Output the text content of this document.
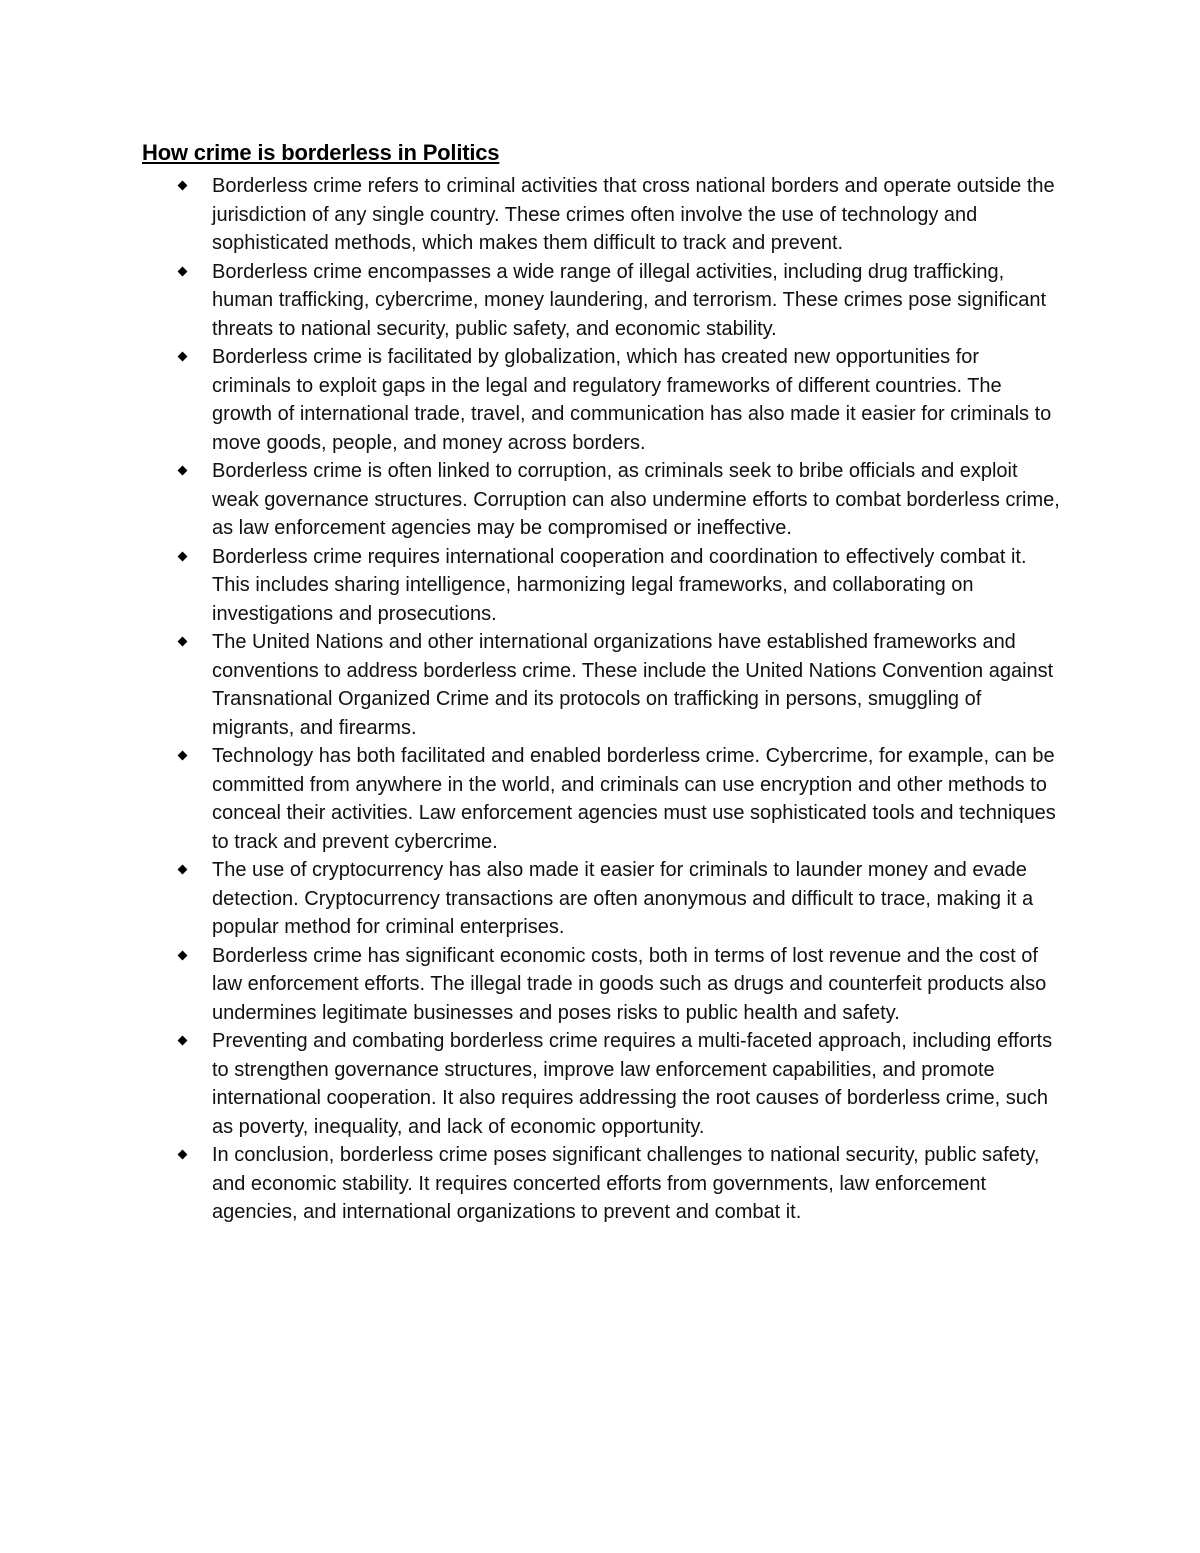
How crime is borderless in Politics
Borderless crime refers to criminal activities that cross national borders and operate outside the jurisdiction of any single country. These crimes often involve the use of technology and sophisticated methods, which makes them difficult to track and prevent.
Borderless crime encompasses a wide range of illegal activities, including drug trafficking, human trafficking, cybercrime, money laundering, and terrorism. These crimes pose significant threats to national security, public safety, and economic stability.
Borderless crime is facilitated by globalization, which has created new opportunities for criminals to exploit gaps in the legal and regulatory frameworks of different countries. The growth of international trade, travel, and communication has also made it easier for criminals to move goods, people, and money across borders.
Borderless crime is often linked to corruption, as criminals seek to bribe officials and exploit weak governance structures. Corruption can also undermine efforts to combat borderless crime, as law enforcement agencies may be compromised or ineffective.
Borderless crime requires international cooperation and coordination to effectively combat it. This includes sharing intelligence, harmonizing legal frameworks, and collaborating on investigations and prosecutions.
The United Nations and other international organizations have established frameworks and conventions to address borderless crime. These include the United Nations Convention against Transnational Organized Crime and its protocols on trafficking in persons, smuggling of migrants, and firearms.
Technology has both facilitated and enabled borderless crime. Cybercrime, for example, can be committed from anywhere in the world, and criminals can use encryption and other methods to conceal their activities. Law enforcement agencies must use sophisticated tools and techniques to track and prevent cybercrime.
The use of cryptocurrency has also made it easier for criminals to launder money and evade detection. Cryptocurrency transactions are often anonymous and difficult to trace, making it a popular method for criminal enterprises.
Borderless crime has significant economic costs, both in terms of lost revenue and the cost of law enforcement efforts. The illegal trade in goods such as drugs and counterfeit products also undermines legitimate businesses and poses risks to public health and safety.
Preventing and combating borderless crime requires a multi-faceted approach, including efforts to strengthen governance structures, improve law enforcement capabilities, and promote international cooperation. It also requires addressing the root causes of borderless crime, such as poverty, inequality, and lack of economic opportunity.
In conclusion, borderless crime poses significant challenges to national security, public safety, and economic stability. It requires concerted efforts from governments, law enforcement agencies, and international organizations to prevent and combat it.
